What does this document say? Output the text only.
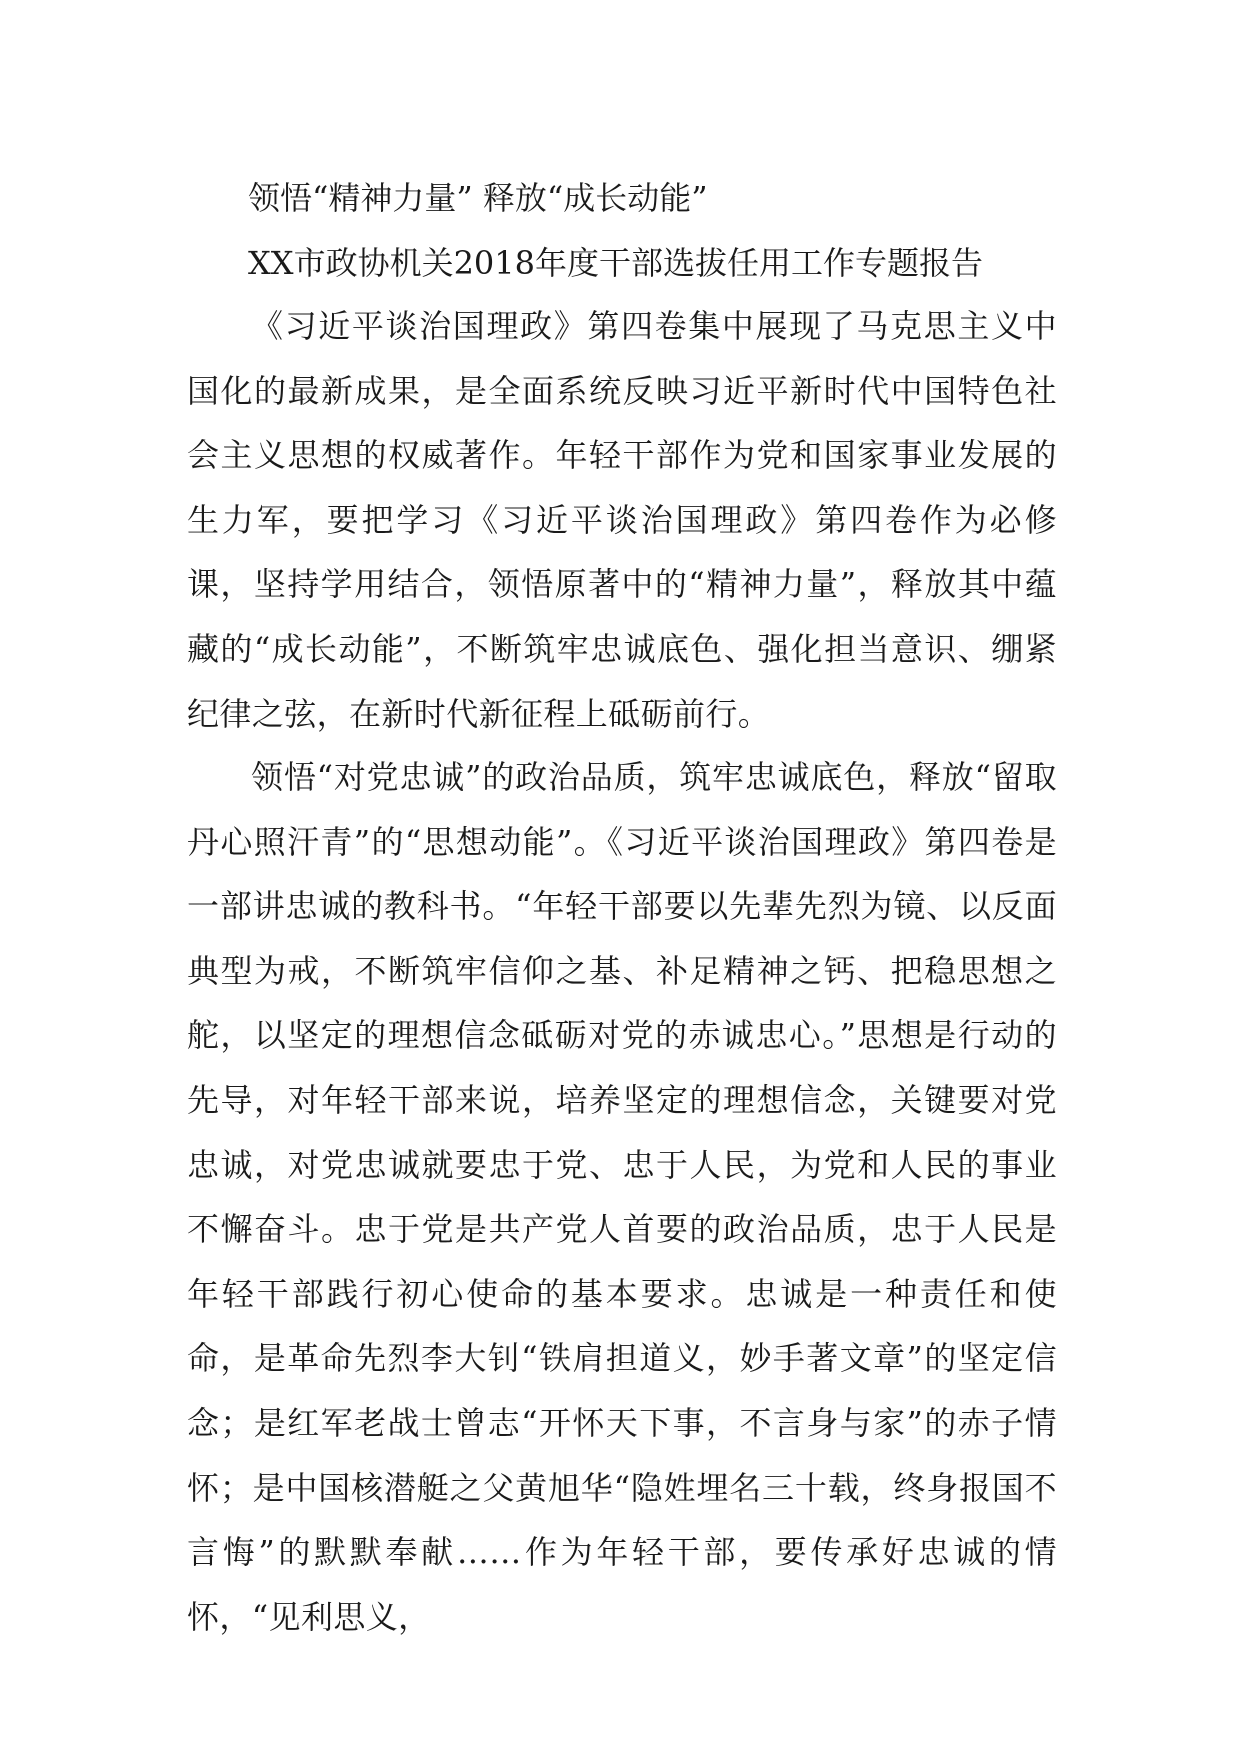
领悟“精神力量” 释放“成长动能”
XX市政协机关2018年度干部选拔任用工作专题报告

《习近平谈治国理政》第四卷集中展现了马克思主义中国化的最新成果，是全面系统反映习近平新时代中国特色社会主义思想的权威著作。年轻干部作为党和国家事业发展的生力军，要把学习《习近平谈治国理政》第四卷作为必修课，坚持学用结合，领悟原著中的“精神力量”，释放其中蕴藏的“成长动能”，不断筑牢忠诚底色、强化担当意识、绷紧纪律之弦，在新时代新征程上砥砺前行。

领悟“对党忠诚”的政治品质，筑牢忠诚底色，释放“留取丹心照汗青”的“思想动能”。《习近平谈治国理政》第四卷是一部讲忠诚的教科书。“年轻干部要以先辈先烈为镜、以反面典型为戒，不断筑牢信仰之基、补足精神之钙、把稳思想之舵，以坚定的理想信念砥砺对党的赤诚忠心。”思想是行动的先导，对年轻干部来说，培养坚定的理想信念，关键要对党忠诚，对党忠诚就要忠于党、忠于人民，为党和人民的事业不懈奋斗。忠于党是共产党人首要的政治品质，忠于人民是年轻干部践行初心使命的基本要求。忠诚是一种责任和使命，是革命先烈李大钊“铁肩担道义，妙手著文章”的坚定信念；是红军老战士曾志“开怀天下事，不言身与家”的赤子情怀；是中国核潜艇之父黄旭华“隐姓埋名三十载，终身报国不言悔”的默默奉献……作为年轻干部，要传承好忠诚的情怀，“见利思义，
